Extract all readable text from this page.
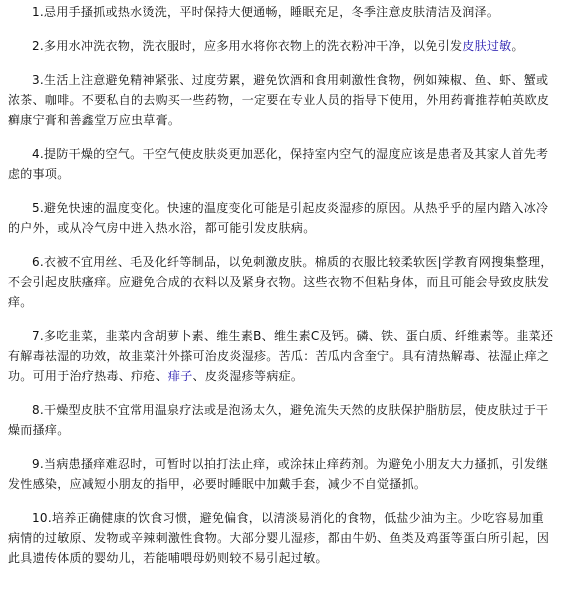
1.忌用手搔抓或热水烫洗，平时保持大便通畅，睡眠充足，冬季注意皮肤清洁及润泽。

2.多用水冲洗衣物，洗衣服时，应多用水将你衣物上的洗衣粉冲干净，以免引发皮肤过敏。

3.生活上注意避免精神紧张、过度劳累，避免饮酒和食用刺激性食物，例如辣椒、鱼、虾、蟹或浓茶、咖啡。不要私自的去购买一些药物，一定要在专业人员的指导下使用，外用药膏推荐帕英欧皮癣康宁膏和善鑫堂万应虫草膏。

4.提防干燥的空气。干空气使皮肤炎更加恶化，保持室内空气的湿度应该是患者及其家人首先考虑的事项。

5.避免快速的温度变化。快速的温度变化可能是引起皮炎湿疹的原因。从热乎乎的屋内踏入冰冷的户外，或从冷气房中进入热水浴，都可能引发皮肤病。

6.衣被不宜用丝、毛及化纤等制品，以免刺激皮肤。棉质的衣服比较柔软医|学教育网搜集整理，不会引起皮肤瘙痒。应避免合成的衣料以及紧身衣物。这些衣物不但粘身体，而且可能会导致皮肤发痒。

7.多吃韭菜，韭菜内含胡萝卜素、维生素B、维生素C及钙。磷、铁、蛋白质、纤维素等。韭菜还有解毒祛湿的功效，故韭菜汁外搽可治皮炎湿疹。苦瓜：苦瓜内含奎宁。具有清热解毒、祛湿止痒之功。可用于治疗热毒、疖疮、痱子、皮炎湿疹等病症。

8.干燥型皮肤不宜常用温泉疗法或是泡汤太久，避免流失天然的皮肤保护脂肪层，使皮肤过于干燥而搔痒。

9.当病患搔痒难忍时，可暂时以拍打法止痒，或涂抹止痒药剂。为避免小朋友大力搔抓，引发继发性感染，应减短小朋友的指甲，必要时睡眠中加戴手套，减少不自觉搔抓。

10.培养正确健康的饮食习惯，避免偏食，以清淡易消化的食物，低盐少油为主。少吃容易加重病情的过敏原、发物或辛辣刺激性食物。大部分婴儿湿疹，都由牛奶、鱼类及鸡蛋等蛋白所引起，因此具遗传体质的婴幼儿，若能哺喂母奶则较不易引起过敏。
